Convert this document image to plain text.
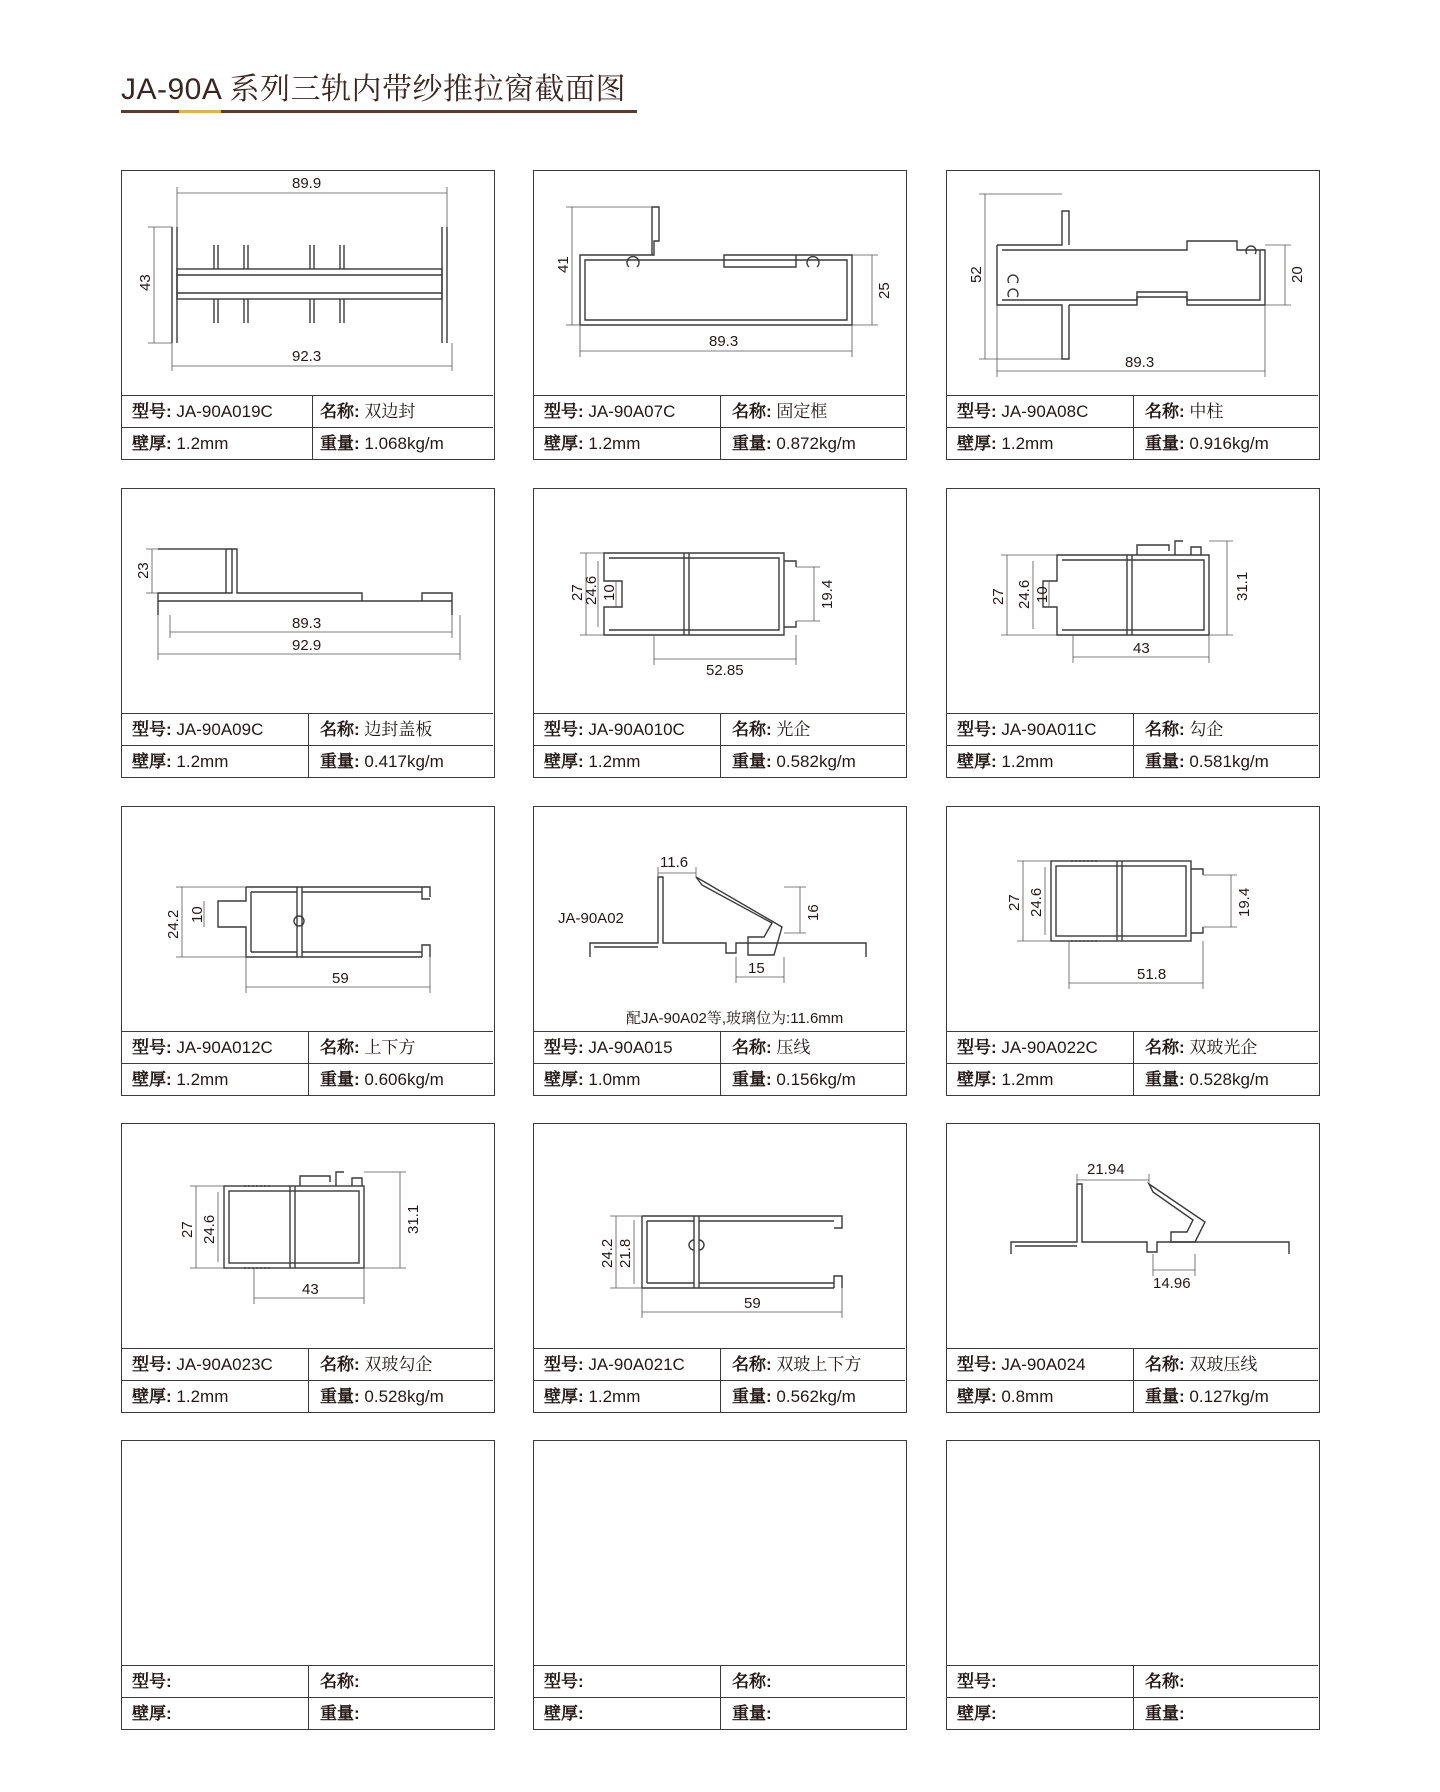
JA-90A 系列三轨内带纱推拉窗截面图
89.9
43
92.3
型号: JA-90A019C	名称: 双边封
壁厚: 1.2mm	重量: 1.068kg/m
41
25
89.3
型号: JA-90A07C	名称: 固定框
壁厚: 1.2mm	重量: 0.872kg/m
52	20
89.3
型号: JA-90A08C	名称: 中柱
壁厚: 1.2mm	重量: 0.916kg/m
23
89.3
92.9
型号: JA-90A09C	名称: 边封盖板
壁厚: 1.2mm	重量: 0.417kg/m
27
24.6 10	19.4
52.85
型号: JA-90A010C	名称: 光企
壁厚: 1.2mm	重量: 0.582kg/m
27 24.6 10	31.1
43
型号: JA-90A011C	名称: 勾企
壁厚: 1.2mm	重量: 0.581kg/m
24.2 10
59
型号: JA-90A012C	名称: 上下方
壁厚: 1.2mm	重量: 0.606kg/m
11.6
JA-90A02	16
15
配JA-90A02等,玻璃位为:11.6mm
型号: JA-90A015	名称: 压线
壁厚: 1.0mm	重量: 0.156kg/m
27 24.6	19.4
51.8
型号: JA-90A022C	名称: 双玻光企
壁厚: 1.2mm	重量: 0.528kg/m
27 24.6	31.1
43
型号: JA-90A023C	名称: 双玻勾企
壁厚: 1.2mm	重量: 0.528kg/m
24.2 21.8
59
型号: JA-90A021C	名称: 双玻上下方
壁厚: 1.2mm	重量: 0.562kg/m
21.94
14.96
型号: JA-90A024	名称: 双玻压线
壁厚: 0.8mm	重量: 0.127kg/m
型号:	名称:
壁厚:	重量:
型号:	名称:
壁厚:	重量:
型号:	名称:
壁厚:	重量:
